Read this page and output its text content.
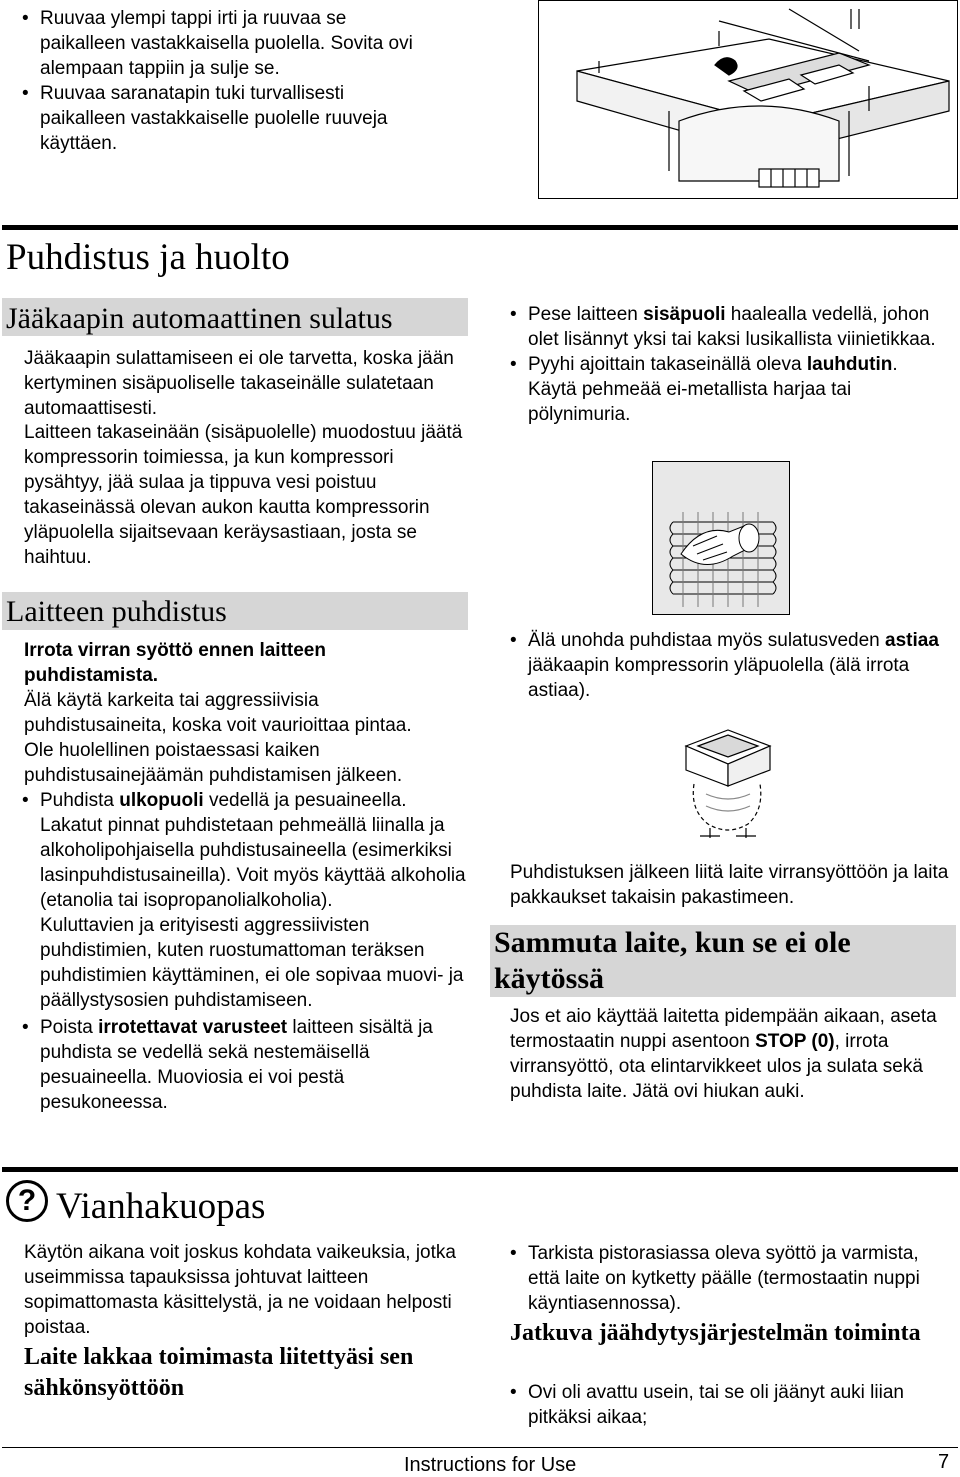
• Ruuvaa ylempi tappi irti ja ruuvaa se paikalleen vastakkaisella puolella. Sovita ovi alempaan tappiin ja sulje se.
• Ruuvaa saranatapin tuki turvallisesti paikalleen vastakkaiselle puolelle ruuveja käyttäen.
Puhdistus ja huolto
Jääkaapin automaattinen sulatus
Jääkaapin sulattamiseen ei ole tarvetta, koska jään kertyminen sisäpuoliselle takaseinälle sulatetaan automaattisesti.
Laitteen takaseinään (sisäpuolelle) muodostuu jäätä kompressorin toimiessa, ja kun kompressori pysähtyy, jää sulaa ja tippuva vesi poistuu takaseinässä olevan aukon kautta kompressorin yläpuolella sijaitsevaan keräysastiaan, josta se haihtuu.
Laitteen puhdistus
Irrota virran syöttö ennen laitteen puhdistamista.
Älä käytä karkeita tai aggressiivisia puhdistusaineita, koska voit vaurioittaa pintaa.
Ole huolellinen poistaessasi kaiken puhdistusainejäämän puhdistamisen jälkeen.
• Puhdista ulkopuoli vedellä ja pesuaineella.
Lakatut pinnat puhdistetaan pehmeällä liinalla ja alkoholipohjaisella puhdistusaineella (esimerkiksi lasinpuhdistusaineilla). Voit myös käyttää alkoholia (etanolia tai isopropanolialkoholia).
Kuluttavien ja erityisesti aggressiivisten puhdistimien, kuten ruostumattoman teräksen puhdistimien käyttäminen, ei ole sopivaa muovi- ja päällystysosien puhdistamiseen.
• Poista irrotettavat varusteet laitteen sisältä ja puhdista se vedellä sekä nestemäisellä pesuaineella. Muoviosia ei voi pestä pesukoneessa.
• Pese laitteen sisäpuoli haalealla vedellä, johon olet lisännyt yksi tai kaksi lusikallista viinietikkaa.
• Pyyhi ajoittain takaseinällä oleva lauhdutin.
Käytä pehmeää ei-metallista harjaa tai pölynimuria.
• Älä unohda puhdistaa myös sulatusveden astiaa jääkaapin kompressorin yläpuolella (älä irrota astiaa).
Puhdistuksen jälkeen liitä laite virransyöttöön ja laita pakkaukset takaisin pakastimeen.
Sammuta laite, kun se ei ole käytössä
Jos et aio käyttää laitetta pidempään aikaan, aseta termostaatin nuppi asentoon STOP (0), irrota virransyöttö, ota elintarvikkeet ulos ja sulata sekä puhdista laite. Jätä ovi hiukan auki.
? Vianhakuopas
Käytön aikana voit joskus kohdata vaikeuksia, jotka useimmissa tapauksissa johtuvat laitteen sopimattomasta käsittelystä, ja ne voidaan helposti poistaa.
Laite lakkaa toimimasta liitettyäsi sen sähkönsyöttöön
• Tarkista pistorasiassa oleva syöttö ja varmista, että laite on kytketty päälle (termostaatin nuppi käyntiasennossa).
Jatkuva jäähdytysjärjestelmän toiminta
• Ovi oli avattu usein, tai se oli jäänyt auki liian pitkäksi aikaa;
Instructions for Use	7
